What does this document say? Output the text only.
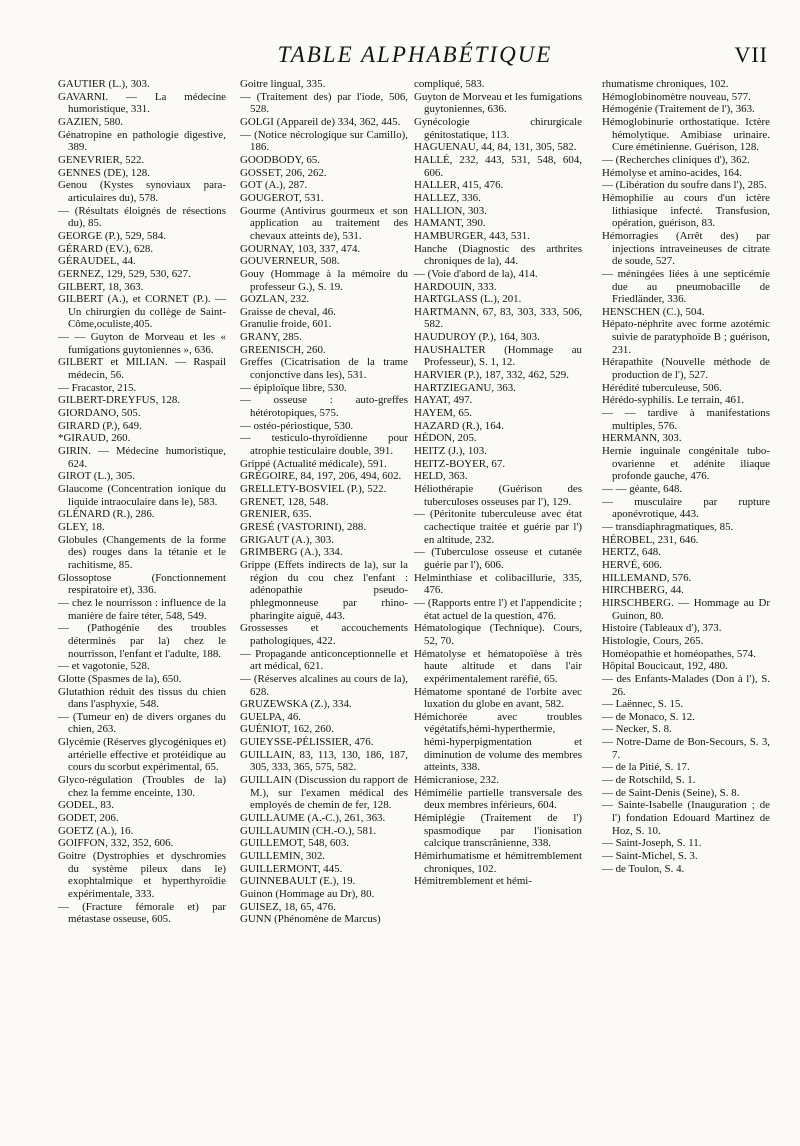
TABLE ALPHABÉTIQUE	VII

GAUTIER (L.), 303.

GAVARNI. — La médecine humoristique, 331.

GAZIEN, 580.

Génatropine en pathologie digestive, 389.

GENEVRIER, 522.

GENNES (DE), 128.

Genou (Kystes synoviaux para-articulaires du), 578.

— (Résultats éloignés de résections du), 85.

GEORGE (P.), 529, 584.

GÉRARD (EV.), 628.

GÉRAUDEL, 44.

GERNEZ, 129, 529, 530, 627.

GILBERT, 18, 363.

GILBERT (A.), et CORNET (P.). — Un chirurgien du collège de Saint-Côme,oculiste,405.

— — Guyton de Morveau et les « fumigations guytoniennes », 636.

GILBERT et MILIAN. — Raspail médecin, 56.

— Fracastor, 215.

GILBERT-DREYFUS, 128.

GIORDANO, 505.

GIRARD (P.), 649.

*GIRAUD, 260.

GIRIN. — Médecine humoristique, 624.

GIROT (L.), 305.

Glaucome (Concentration ionique du liquide intraoculaire dans le), 583.

GLÉNARD (R.), 286.

GLEY, 18.

Globules (Changements de la forme des) rouges dans la tétanie et le rachitisme, 85.

Glossoptose (Fonctionnement respiratoire et), 336.

— chez le nourrisson : influence de la manière de faire téter, 548, 549.

— (Pathogénie des troubles déterminés par la) chez le nourrisson, l'enfant et l'adulte, 188.

— et vagotonie, 528.

Glotte (Spasmes de la), 650.

Glutathion réduit des tissus du chien dans l'asphyxie, 548.

— (Tumeur en) de divers organes du chien, 263.

Glycémie (Réserves glycogéniques et) artérielle effective et protéidique au cours du scorbut expérimental, 65.

Glyco-régulation (Troubles de la) chez la femme enceinte, 130.

GODEL, 83.

GODET, 206.

GOETZ (A.), 16.

GOIFFON, 332, 352, 606.

Goitre (Dystrophies et dyschromies du système pileux dans le) exophtalmique et hyperthyroïdie expérimentale, 333.

— (Fracture fémorale et) par métastase osseuse, 605.

Goitre lingual, 335.

— (Traitement des) par l'iode, 506, 528.

GOLGI (Appareil de) 334, 362, 445.

— (Notice nécrologique sur Camillo), 186.

GOODBODY, 65.

GOSSET, 206, 262.

GOT (A.), 287.

GOUGEROT, 531.

Gourme (Antivirus gourmeux et son application au traitement des chevaux atteints de), 531.

GOURNAY, 103, 337, 474.

GOUVERNEUR, 508.

Gouy (Hommage à la mémoire du professeur G.), S. 19.

GOZLAN, 232.

Graisse de cheval, 46.

Granulie froide, 601.

GRANY, 285.

GREENISCH, 260.

Greffes (Cicatrisation de la trame conjonctive dans les), 531.

— épiploïque libre, 530.

— osseuse : auto-greffes hétérotopiques, 575.

— ostéo-périostique, 530.

— testiculo-thyroïdienne pour atrophie testiculaire double, 391.

Grippé (Actualité médicale), 591.

GRÉGOIRE, 84, 197, 206, 494, 602.

GRELLETY-BOSVIEL (P.), 522.

GRENET, 128, 548.

GRENIER, 635.

GRESÉ (VASTORINI), 288.

GRIGAUT (A.), 303.

GRIMBERG (A.), 334.

Grippe (Effets indirects de la), sur la région du cou chez l'enfant : adénopathie pseudo-phlegmonneuse par rhino-pharingite aiguë, 443.

Grossesses et accouchements pathologiques, 422.

— Propagande anticonceptionnelle et art médical, 621.

— (Réserves alcalines au cours de la), 628.

GRUZEWSKA (Z.), 334.

GUELPA, 46.

GUÉNIOT, 162, 260.

GUIEYSSE-PÉLISSIER, 476.

GUILLAIN, 83, 113, 130, 186, 187, 305, 333, 365, 575, 582.

GUILLAIN (Discussion du rapport de M.), sur l'examen médical des employés de chemin de fer, 128.

GUILLAUME (A.-C.), 261, 363.

GUILLAUMIN (CH.-O.), 581.

GUILLEMOT, 548, 603.

GUILLEMIN, 302.

GUILLERMONT, 445.

GUINNEBAULT (E.), 19.

Guinon (Hommage au Dr), 80.

GUISEZ, 18, 65, 476.

GUNN (Phénomène de Marcus)

compliqué, 583.

Guyton de Morveau et les fumigations guytoniennes, 636.

Gynécologie chirurgicale génitostatique, 113.

HAGUENAU, 44, 84, 131, 305, 582.

HALLÉ, 232, 443, 531, 548, 604, 606.

HALLER, 415, 476.

HALLEZ, 336.

HALLION, 303.

HAMANT, 390.

HAMBURGER, 443, 531.

Hanche (Diagnostic des arthrites chroniques de la), 44.

— (Voie d'abord de la), 414.

HARDOUIN, 333.

HARTGLASS (L.), 201.

HARTMANN, 67, 83, 303, 333, 506, 582.

HAUDUROY (P.), 164, 303.

HAUSHALTER (Hommage au Professeur), S. 1, 12.

HARVIER (P.), 187, 332, 462, 529.

HARTZIEGANU, 363.

HAYAT, 497.

HAYEM, 65.

HAZARD (R.), 164.

HÉDON, 205.

HEITZ (J.), 103.

HEITZ-BOYER, 67.

HELD, 363.

Héliothérapie (Guérison des tuberculoses osseuses par l'), 129.

— (Péritonite tuberculeuse avec état cachectique traitée et guérie par l') en altitude, 232.

— (Tuberculose osseuse et cutanée guérie par l'), 606.

Helminthiase et colibacillurie, 335, 476.

— (Rapports entre l') et l'appendicite ; état actuel de la question, 476.

Hématologique (Technique). Cours, 52, 70.

Hématolyse et hématopoïèse à très haute altitude et dans l'air expérimentalement raréfié, 65.

Hématome spontané de l'orbite avec luxation du globe en avant, 582.

Hémichorée avec troubles végétatifs,hémi-hyperthermie, hémi-hyperpigmentation et diminution de volume des membres atteints, 338.

Hémicraniose, 232.

Hémimélie partielle transversale des deux membres inférieurs, 604.

Hémiplégie (Traitement de l') spasmodique par l'ionisation calcique transcrânienne, 338.

Hémirhumatisme et hémitremblement chroniques, 102.

Hémitremblement et hémi-

rhumatisme chroniques, 102.

Hémoglobinomètre nouveau, 577.

Hémogénie (Traitement de l'), 363.

Hémoglobinurie orthostatique. Ictère hémolytique. Amibiase urinaire. Cure émétinienne. Guérison, 128.

— (Recherches cliniques d'), 362.

Hémolyse et amino-acides, 164.

— (Libération du soufre dans l'), 285.

Hémophilie au cours d'un ictère lithiasique infecté. Transfusion, opération, guérison, 83.

Hémorragies (Arrêt des) par injections intraveineuses de citrate de soude, 527.

— méningées liées à une septicémie due au pneumobacille de Friedländer, 336.

HENSCHEN (C.), 504.

Hépato-néphrite avec forme azotémic suivie de paratyphoïde B ; guérison, 231.

Hérapathite (Nouvelle méthode de production de l'), 527.

Hérédité tuberculeuse, 506.

Hérédo-syphilis. Le terrain, 461.

— — tardive à manifestations multiples, 576.

HERMANN, 303.

Hernie inguinale congénitale tubo-ovarienne et adénite iliaque profonde gauche, 476.

— — géante, 648.

— musculaire par rupture aponévrotique, 443.

— transdiaphragmatiques, 85.

HÉROBEL, 231, 646.

HERTZ, 648.

HERVÉ, 606.

HILLEMAND, 576.

HIRCHBERG, 44.

HIRSCHBERG. — Hommage au Dr Guinon, 80.

Histoire (Tableaux d'), 373.

Histologie, Cours, 265.

Homéopathie et homéopathes, 574.

Hôpital Boucicaut, 192, 480.

— des Enfants-Malades (Don à l'), S. 26.

— Laënnec, S. 15.

— de Monaco, S. 12.

— Necker, S. 8.

— Notre-Dame de Bon-Secours, S. 3, 7.

— de la Pitié, S. 17.

— de Rotschild, S. 1.

— de Saint-Denis (Seine), S. 8.

— Sainte-Isabelle (Inauguration ; de l') fondation Edouard Martinez de Hoz, S. 10.

— Saint-Joseph, S. 11.

— Saint-Michel, S. 3.

— de Toulon, S. 4.
